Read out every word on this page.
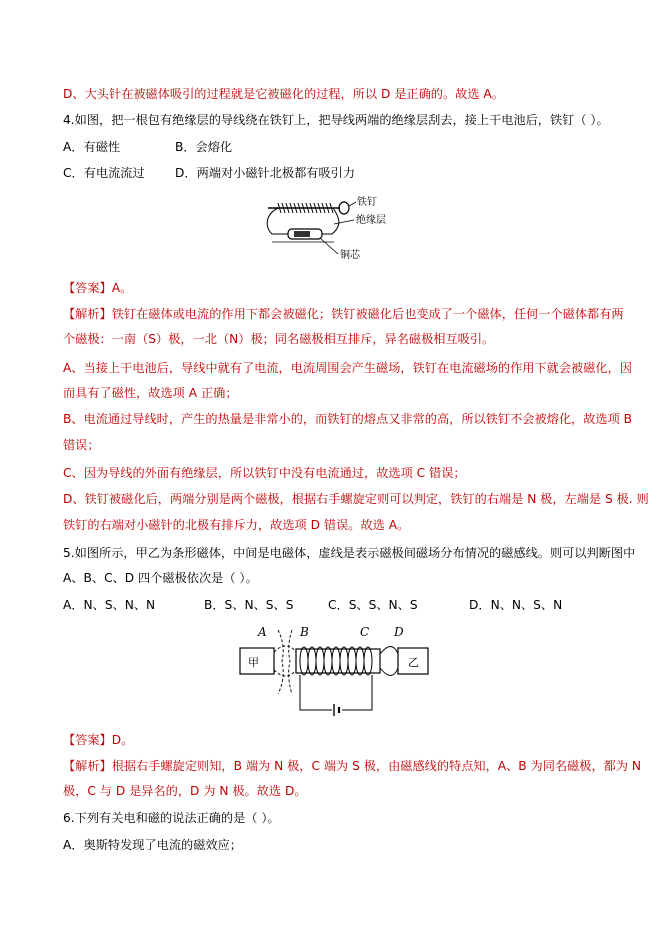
D、大头针在被磁体吸引的过程就是它被磁化的过程，所以 D 是正确的。故选 A。
4.如图，把一根包有绝缘层的导线绕在铁钉上，把导线两端的绝缘层刮去，接上干电池后，铁钉（ ）。
A．有磁性	B．会熔化
C．有电流流过 D．两端对小磁针北极都有吸引力
铁钉
绝缘层
铜芯
【答案】A。
【解析】铁钉在磁体或电流的作用下都会被磁化；铁钉被磁化后也变成了一个磁体，任何一个磁体都有两
个磁极：一南（S）极，一北（N）极；同名磁极相互排斥，异名磁极相互吸引。
A、当接上干电池后，导线中就有了电流，电流周围会产生磁场，铁钉在电流磁场的作用下就会被磁化，因
而具有了磁性，故选项 A 正确；
B、电流通过导线时，产生的热量是非常小的，而铁钉的熔点又非常的高，所以铁钉不会被熔化，故选项 B
错误；
C、因为导线的外面有绝缘层，所以铁钉中没有电流通过，故选项 C 错误；
D、铁钉被磁化后，两端分别是两个磁极，根据右手螺旋定则可以判定，铁钉的右端是 N 极，左端是 S 极. 则
铁钉的右端对小磁针的北极有排斥力，故选项 D 错误。故选 A。
5.如图所示，甲乙为条形磁体，中间是电磁体，虚线是表示磁极间磁场分布情况的磁感线。则可以判断图中
A、B、C、D 四个磁极依次是（ ）。
A．N、S、N、N	B．S、N、S、S	C．S、S、N、S	D．N、N、S、N
A	B	C D
甲	乙
【答案】D。
【解析】根据右手螺旋定则知，B 端为 N 极，C 端为 S 极，由磁感线的特点知，A、B 为同名磁极，都为 N
极，C 与 D 是异名的，D 为 N 极。故选 D。
6.下列有关电和磁的说法正确的是（ ）。
A．奥斯特发现了电流的磁效应；
